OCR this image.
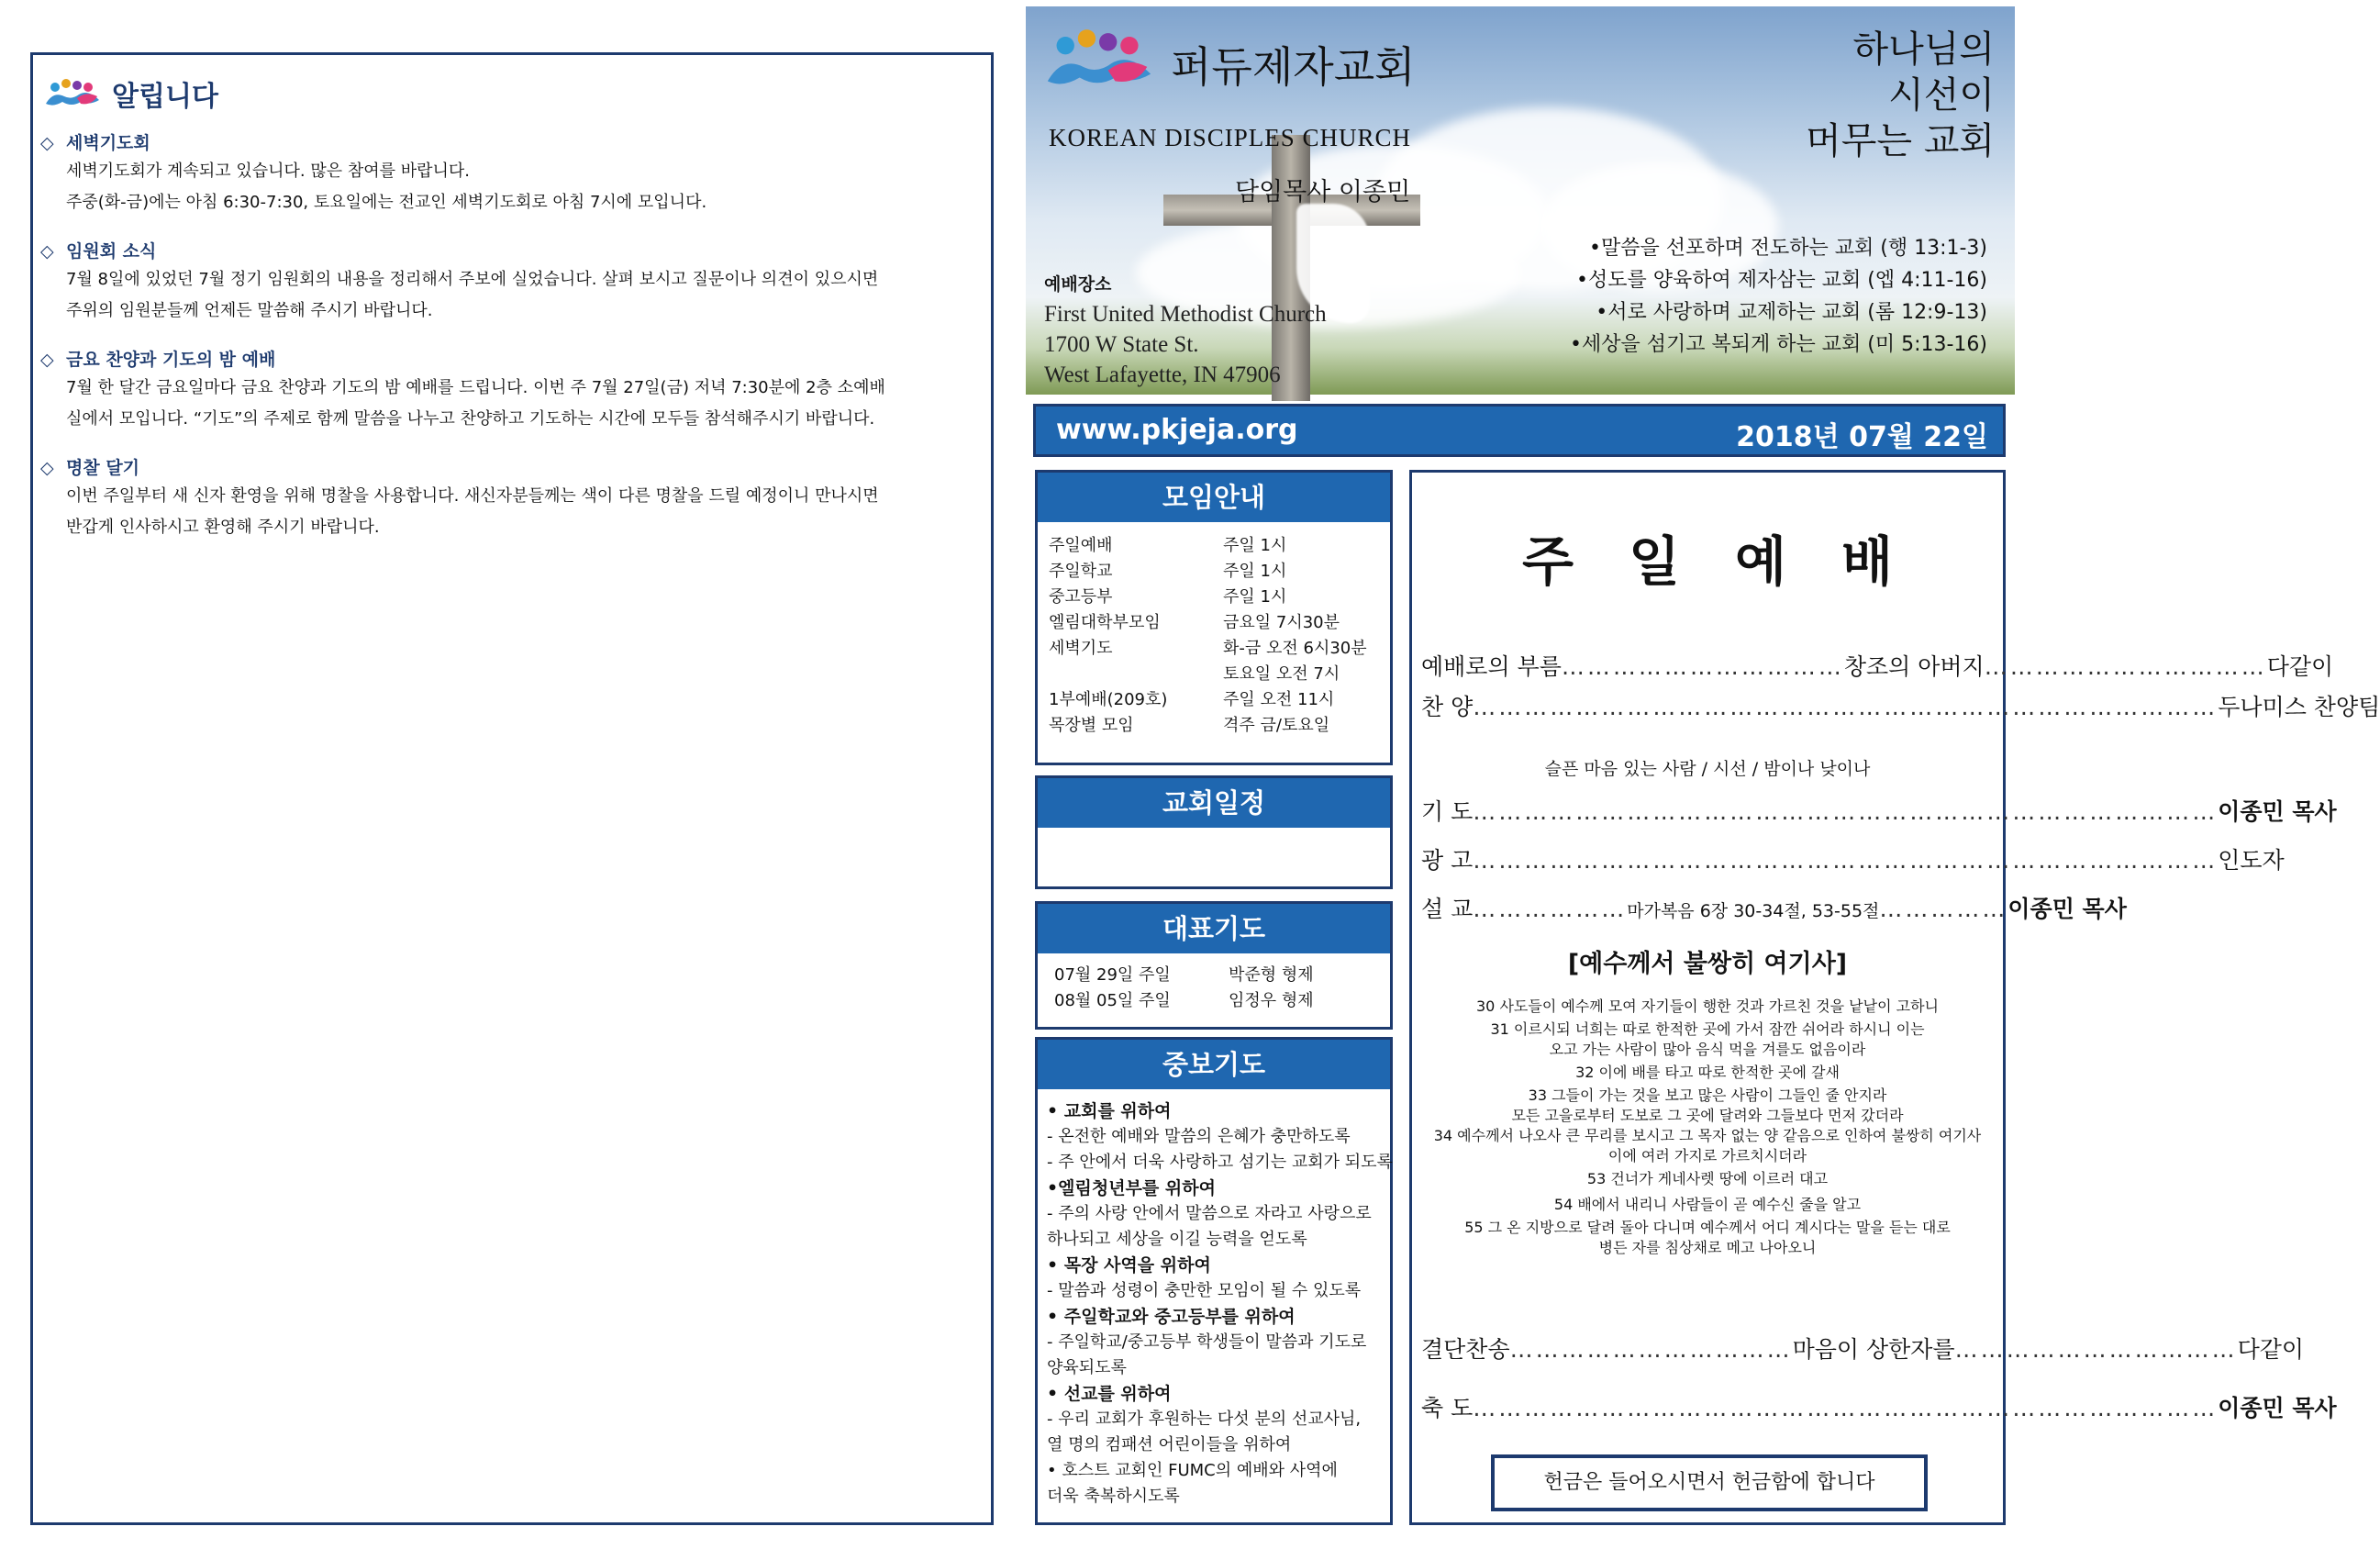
알립니다
◇ 세벽기도회
세벽기도회가 계속되고 있습니다. 많은 참여를 바랍니다.
주중(화-금)에는 아침 6:30-7:30, 토요일에는 전교인 세벽기도회로 아침 7시에 모입니다.
◇ 임원회 소식
7월 8일에 있었던 7월 정기 임원회의 내용을 정리해서 주보에 실었습니다. 살펴 보시고 질문이나 의견이 있으시면
주위의 임원분들께 언제든 말씀해 주시기 바랍니다.
◇ 금요 찬양과 기도의 밤 예배
7월 한 달간 금요일마다 금요 찬양과 기도의 밤 예배를 드립니다. 이번 주 7월 27일(금) 저녁 7:30분에 2층 소예배
실에서 모입니다. “기도”의 주제로 함께 말씀을 나누고 찬양하고 기도하는 시간에 모두들 참석해주시기 바랍니다.
◇ 명찰 달기
이번 주일부터 새 신자 환영을 위해 명찰을 사용합니다. 새신자분들께는 색이 다른 명찰을 드릴 예정이니 만나시면
반갑게 인사하시고 환영해 주시기 바랍니다.
퍼듀제자교회
KOREAN DISCIPLES CHURCH
담임목사 이종민
예배장소
First United Methodist Church
1700 W State St.
West Lafayette, IN 47906
하나님의
시선이
머무는 교회
•말씀을 선포하며 전도하는 교회 (행 13:1-3)
•성도를 양육하여 제자삼는 교회 (엡 4:11-16)
•서로 사랑하며 교제하는 교회 (롬 12:9-13)
•세상을 섬기고 복되게 하는 교회 (미 5:13-16)
www.pkjeja.org	2018년 07월 22일
모임안내
주일예배	주일 1시
주일학교	주일 1시
중고등부	주일 1시
엘림대학부모임	금요일 7시30분
세벽기도	화-금 오전 6시30분
토요일 오전 7시
1부예배(209호)	주일 오전 11시
목장별 모임	격주 금/토요일
교회일정
대표기도
07월 29일 주일	박준형 형제
08월 05일 주일	임정우 형제
중보기도
• 교회를 위하여
- 온전한 예배와 말씀의 은혜가 충만하도록
- 주 안에서 더욱 사랑하고 섬기는 교회가 되도록
•엘림청년부를 위하여
- 주의 사랑 안에서 말씀으로 자라고 사랑으로
하나되고 세상을 이길 능력을 얻도록
• 목장 사역을 위하여
- 말씀과 성령이 충만한 모임이 될 수 있도록
• 주일학교와 중고등부를 위하여
- 주일학교/중고등부 학생들이 말씀과 기도로
양육되도록
• 선교를 위하여
- 우리 교회가 후원하는 다섯 분의 선교사님,
열 명의 컴패션 어린이들을 위하여
• 호스트 교회인 FUMC의 예배와 사역에
더욱 축복하시도록
주일예배
예배로의 부름 …………………………… 창조의 아버지 …………………………… 다같이
찬 양 …………………………………………………………………………… 두나미스 찬양팀
슬픈 마음 있는 사람 / 시선 / 밤이나 낮이나
기 도 …………………………………………………………………………… 이종민 목사
광 고 …………………………………………………………………………… 인도자
설 교 ……………… 마가복음 6장 30-34절, 53-55절 …………… 이종민 목사
[예수께서 불쌍히 여기사]
30 사도들이 예수께 모여 자기들이 행한 것과 가르친 것을 낱낱이 고하니
31 이르시되 너희는 따로 한적한 곳에 가서 잠깐 쉬어라 하시니 이는
오고 가는 사람이 많아 음식 먹을 겨를도 없음이라
32 이에 배를 타고 따로 한적한 곳에 갈새
33 그들이 가는 것을 보고 많은 사람이 그들인 줄 안지라
모든 고을로부터 도보로 그 곳에 달려와 그들보다 먼저 갔더라
34 예수께서 나오사 큰 무리를 보시고 그 목자 없는 양 같음으로 인하여 불쌍히 여기사
이에 여러 가지로 가르치시더라
53 건너가 게네사렛 땅에 이르러 대고
54 배에서 내리니 사람들이 곧 예수신 줄을 알고
55 그 온 지방으로 달려 돌아 다니며 예수께서 어디 계시다는 말을 듣는 대로
병든 자를 침상채로 메고 나아오니
결단찬송 …………………………… 마음이 상한자를 …………………………… 다같이
축 도 …………………………………………………………………………… 이종민 목사
헌금은 들어오시면서 헌금함에 합니다
